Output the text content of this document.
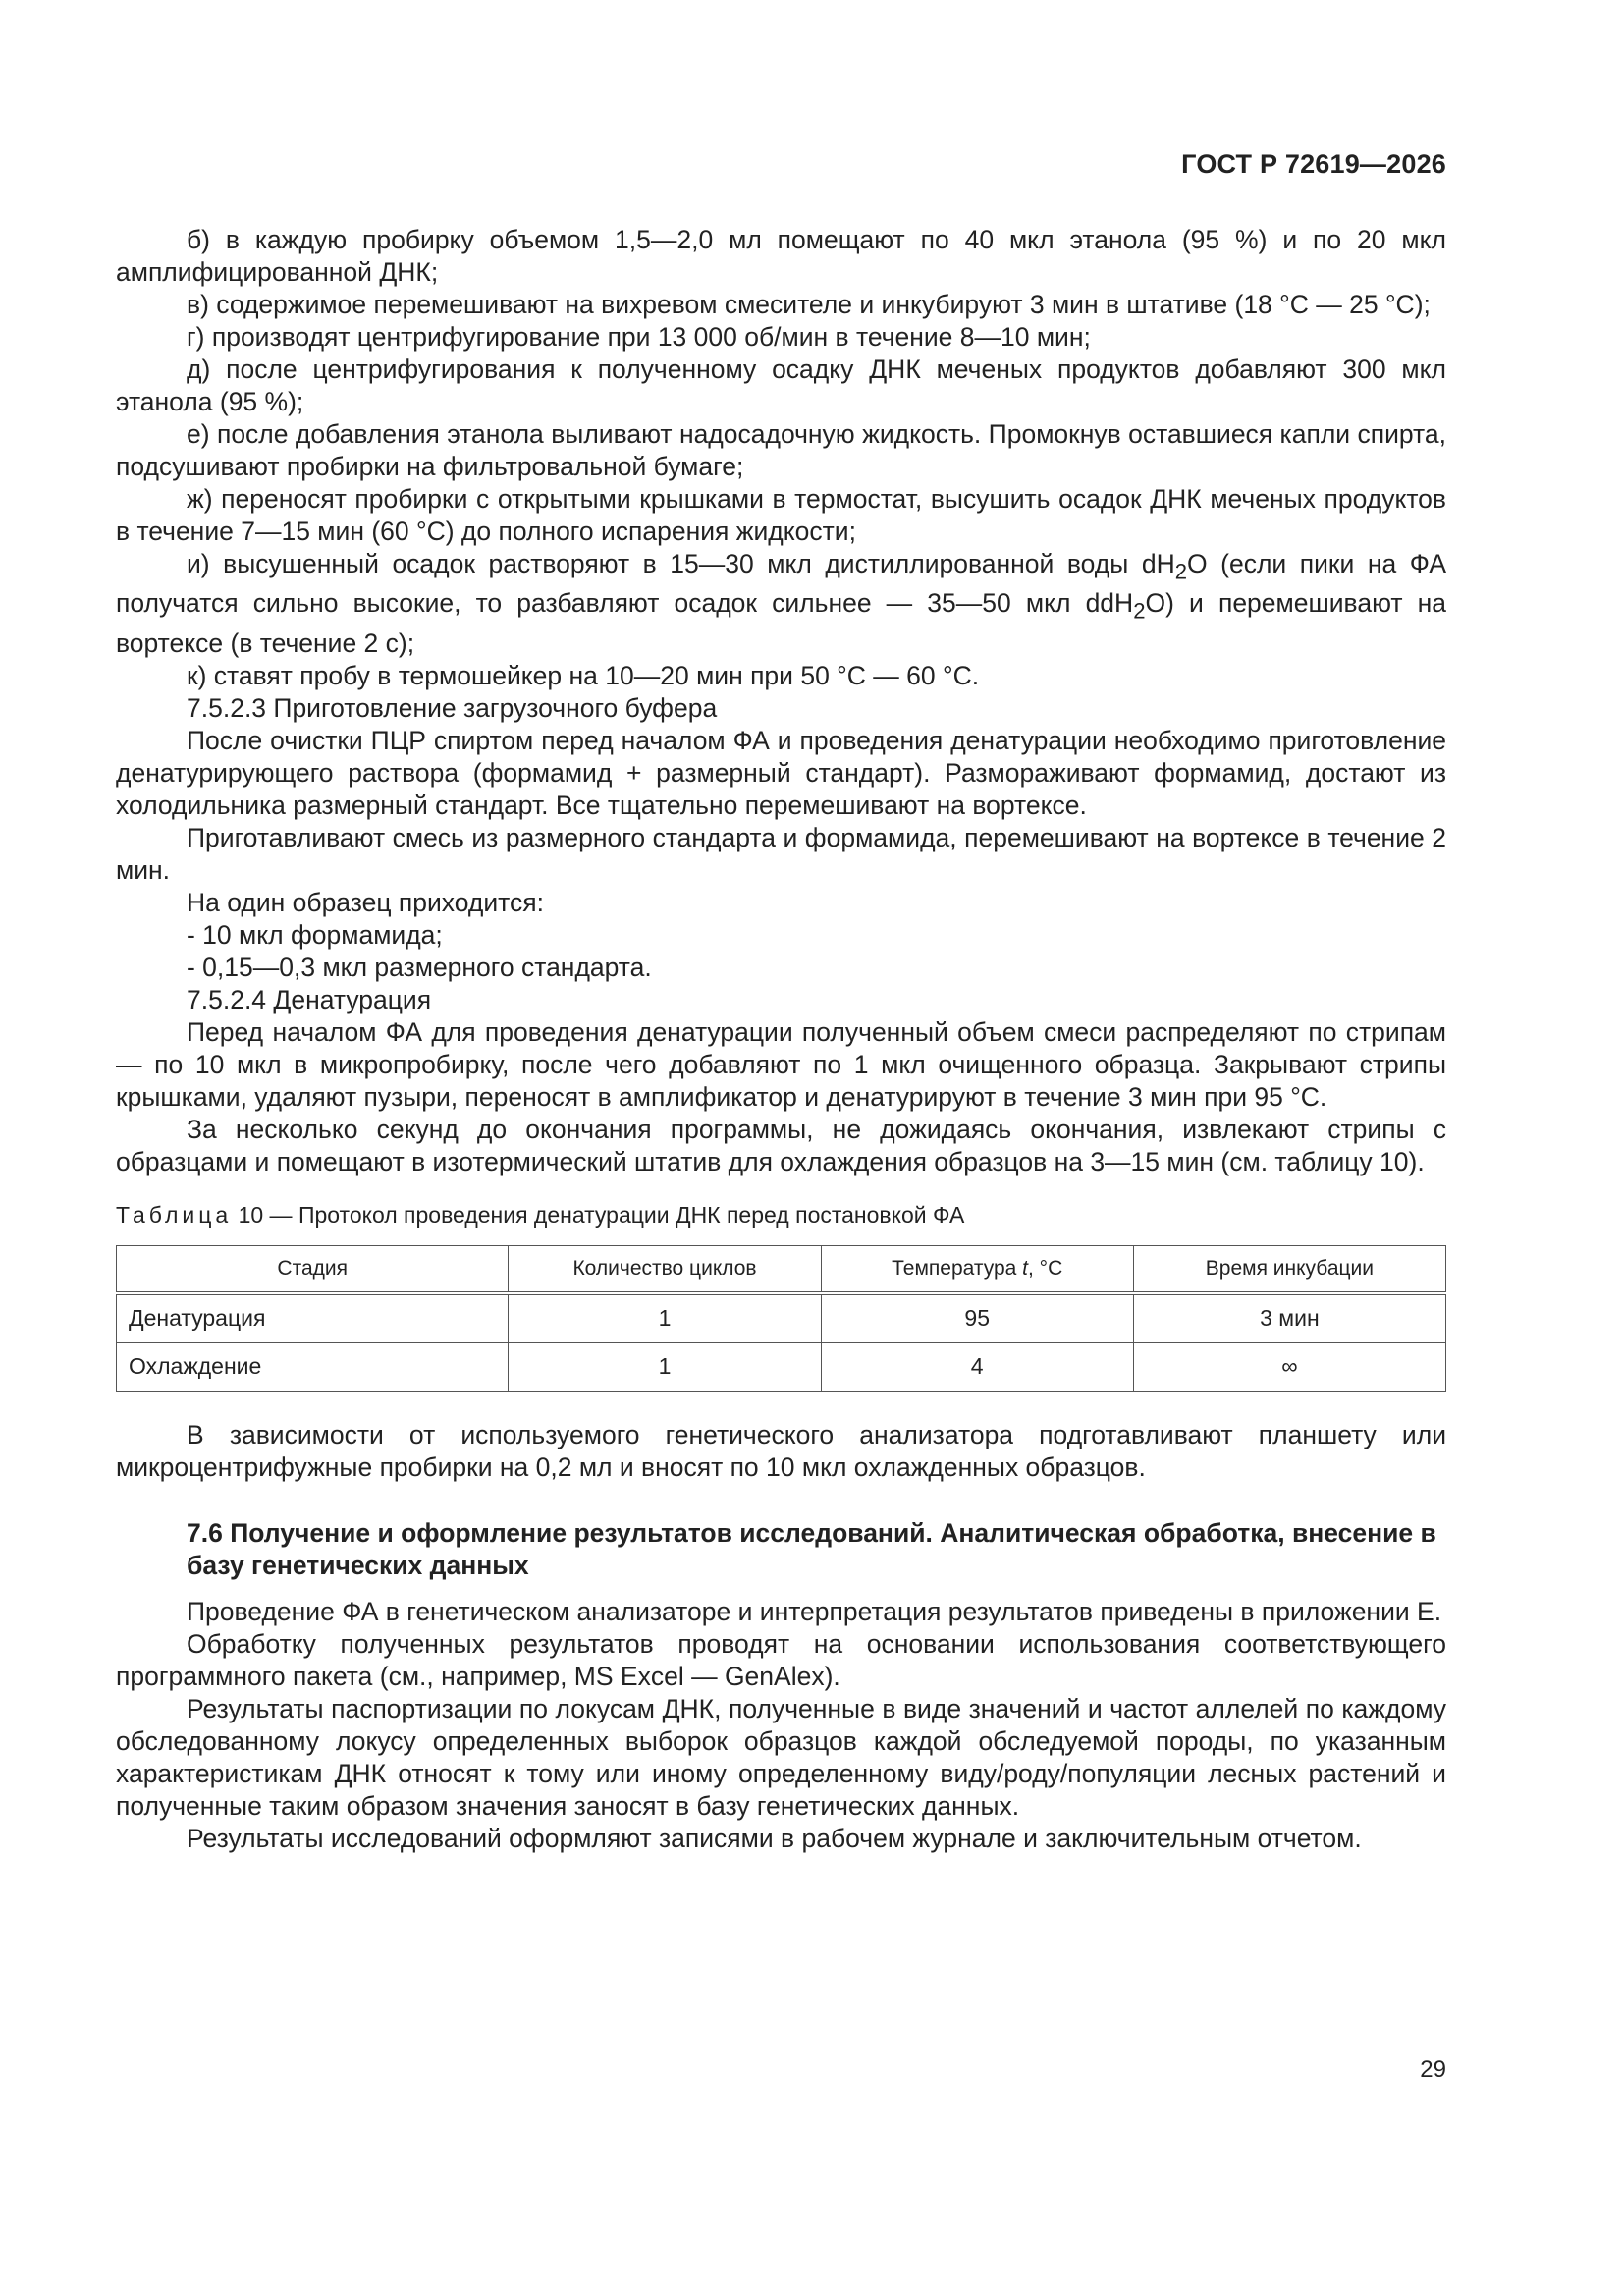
ГОСТ Р 72619—2026

б) в каждую пробирку объемом 1,5—2,0 мл помещают по 40 мкл этанола (95 %) и по 20 мкл амплифицированной ДНК;

в) содержимое перемешивают на вихревом смесителе и инкубируют 3 мин в штативе (18 °С — 25 °С);

г) производят центрифугирование при 13 000 об/мин в течение 8—10 мин;

д) после центрифугирования к полученному осадку ДНК меченых продуктов добавляют 300 мкл этанола (95 %);

е) после добавления этанола выливают надосадочную жидкость. Промокнув оставшиеся капли спирта, подсушивают пробирки на фильтровальной бумаге;

ж) переносят пробирки с открытыми крышками в термостат, высушить осадок ДНК меченых продуктов в течение 7—15 мин (60 °С) до полного испарения жидкости;

и) высушенный осадок растворяют в 15—30 мкл дистиллированной воды $dH_2O$ (если пики на ФА получатся сильно высокие, то разбавляют осадок сильнее — 35—50 мкл ddH$_2$O) и перемешивают на вортексе (в течение 2 с);

к) ставят пробу в термошейкер на 10—20 мин при 50 °С — 60 °С.

7.5.2.3 Приготовление загрузочного буфера

После очистки ПЦР спиртом перед началом ФА и проведения денатурации необходимо приготовление денатурирующего раствора (формамид + размерный стандарт). Размораживают формамид, достают из холодильника размерный стандарт. Все тщательно перемешивают на вортексе.

Приготавливают смесь из размерного стандарта и формамида, перемешивают на вортексе в течение 2 мин.

На один образец приходится:

- 10 мкл формамида;

- 0,15—0,3 мкл размерного стандарта.

7.5.2.4 Денатурация

Перед началом ФА для проведения денатурации полученный объем смеси распределяют по стрипам — по 10 мкл в микропробирку, после чего добавляют по 1 мкл очищенного образца. Закрывают стрипы крышками, удаляют пузыри, переносят в амплификатор и денатурируют в течение 3 мин при 95 °С.

За несколько секунд до окончания программы, не дожидаясь окончания, извлекают стрипы с образцами и помещают в изотермический штатив для охлаждения образцов на 3—15 мин (см. таблицу 10).

Таблица 10 — Протокол проведения денатурации ДНК перед постановкой ФА

Стадия	Количество циклов	Температура t, °С	Время инкубации
Денатурация	1	95	3 мин
Охлаждение	1	4	∞

В зависимости от используемого генетического анализатора подготавливают планшету или микроцентрифужные пробирки на 0,2 мл и вносят по 10 мкл охлажденных образцов.

7.6 Получение и оформление результатов исследований. Аналитическая обработка, внесение в базу генетических данных

Проведение ФА в генетическом анализаторе и интерпретация результатов приведены в приложении Е.

Обработку полученных результатов проводят на основании использования соответствующего программного пакета (см., например, MS Excel — GenAlex).

Результаты паспортизации по локусам ДНК, полученные в виде значений и частот аллелей по каждому обследованному локусу определенных выборок образцов каждой обследуемой породы, по указанным характеристикам ДНК относят к тому или иному определенному виду/роду/популяции лесных растений и полученные таким образом значения заносят в базу генетических данных.

Результаты исследований оформляют записями в рабочем журнале и заключительным отчетом.

29
